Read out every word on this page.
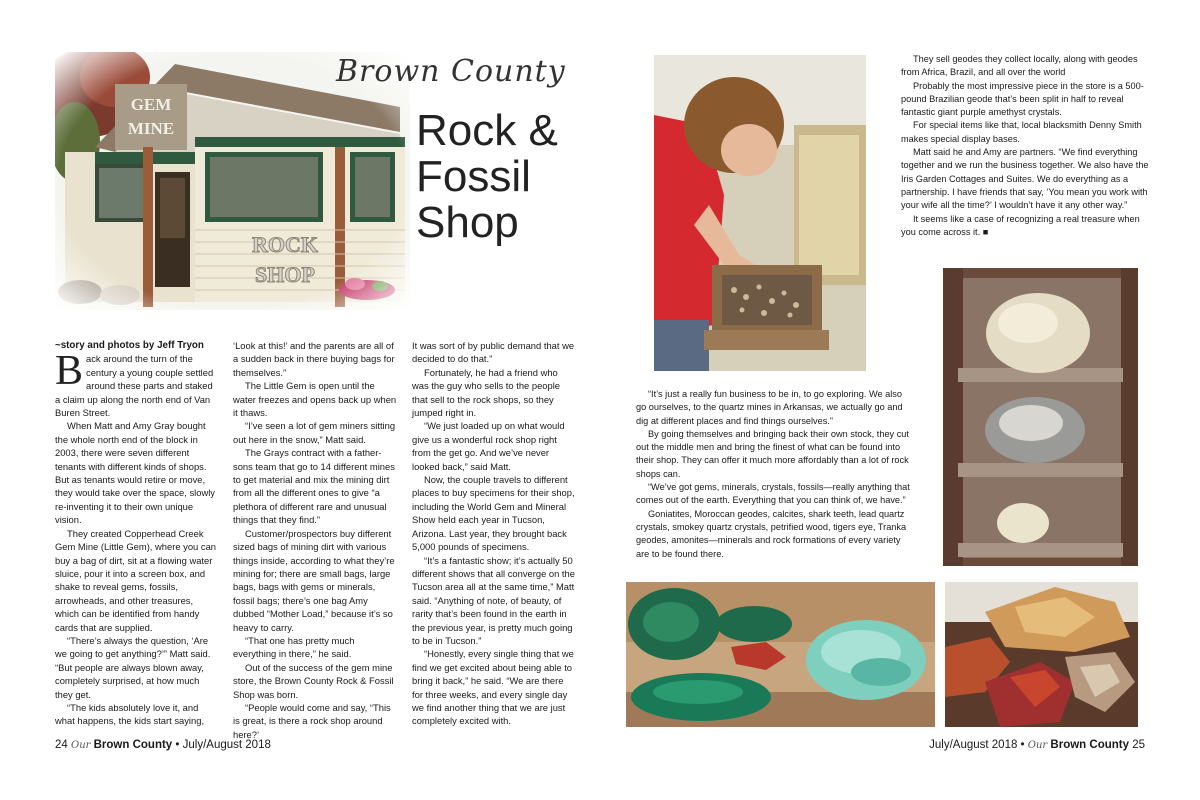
Brown County
Rock &
Fossil
Shop

~story and photos by Jeff Tryon

Back around the turn of the century a young couple settled around these parts and staked a claim up along the north end of Van Buren Street.

When Matt and Amy Gray bought the whole north end of the block in 2003, there were seven different tenants with different kinds of shops. But as tenants would retire or move, they would take over the space, slowly re-inventing it to their own unique vision.

They created Copperhead Creek Gem Mine (Little Gem), where you can buy a bag of dirt, sit at a flowing water sluice, pour it into a screen box, and shake to reveal gems, fossils, arrowheads, and other treasures, which can be identified from handy cards that are supplied.

“There’s always the question, ‘Are we going to get anything?’” Matt said. “But people are always blown away, completely surprised, at how much they get.

“The kids absolutely love it, and what happens, the kids start saying,

‘Look at this!’ and the parents are all of a sudden back in there buying bags for themselves.”

The Little Gem is open until the water freezes and opens back up when it thaws.

“I’ve seen a lot of gem miners sitting out here in the snow,” Matt said.

The Grays contract with a father-sons team that go to 14 different mines to get material and mix the mining dirt from all the different ones to give “a plethora of different rare and unusual things that they find.”

Customer/prospectors buy different sized bags of mining dirt with various things inside, according to what they’re mining for; there are small bags, large bags, bags with gems or minerals, fossil bags; there’s one bag Amy dubbed “Mother Load,” because it’s so heavy to carry.

“That one has pretty much everything in there,” he said.

Out of the success of the gem mine store, the Brown County Rock & Fossil Shop was born.

“People would come and say, “This is great, is there a rock shop around here?’

It was sort of by public demand that we decided to do that.”

Fortunately, he had a friend who was the guy who sells to the people that sell to the rock shops, so they jumped right in.

“We just loaded up on what would give us a wonderful rock shop right from the get go. And we’ve never looked back,” said Matt.

Now, the couple travels to different places to buy specimens for their shop, including the World Gem and Mineral Show held each year in Tucson, Arizona. Last year, they brought back 5,000 pounds of specimens.

“It’s a fantastic show; it’s actually 50 different shows that all converge on the Tucson area all at the same time,” Matt said. “Anything of note, of beauty, of rarity that’s been found in the earth in the previous year, is pretty much going to be in Tucson.”

“Honestly, every single thing that we find we get excited about being able to bring it back,” he said. “We are there for three weeks, and every single day we find another thing that we are just completely excited with.

24 Our Brown County • July/August 2018

They sell geodes they collect locally, along with geodes from Africa, Brazil, and all over the world

Probably the most impressive piece in the store is a 500-pound Brazilian geode that’s been split in half to reveal fantastic giant purple amethyst crystals.

For special items like that, local blacksmith Denny Smith makes special display bases.

Matt said he and Amy are partners. “We find everything together and we run the business together. We also have the Iris Garden Cottages and Suites. We do everything as a partnership. I have friends that say, ‘You mean you work with your wife all the time?’ I wouldn’t have it any other way.”

It seems like a case of recognizing a real treasure when you come across it. ■

“It’s just a really fun business to be in, to go exploring. We also go ourselves, to the quartz mines in Arkansas, we actually go and dig at different places and find things ourselves.”

By going themselves and bringing back their own stock, they cut out the middle men and bring the finest of what can be found into their shop. They can offer it much more affordably than a lot of rock shops can.

“We’ve got gems, minerals, crystals, fossils—really anything that comes out of the earth. Everything that you can think of, we have.”

Goniatites, Moroccan geodes, calcites, shark teeth, lead quartz crystals, smokey quartz crystals, petrified wood, tigers eye, Tranka geodes, amonites—minerals and rock formations of every variety are to be found there.

July/August 2018 • Our Brown County 25
